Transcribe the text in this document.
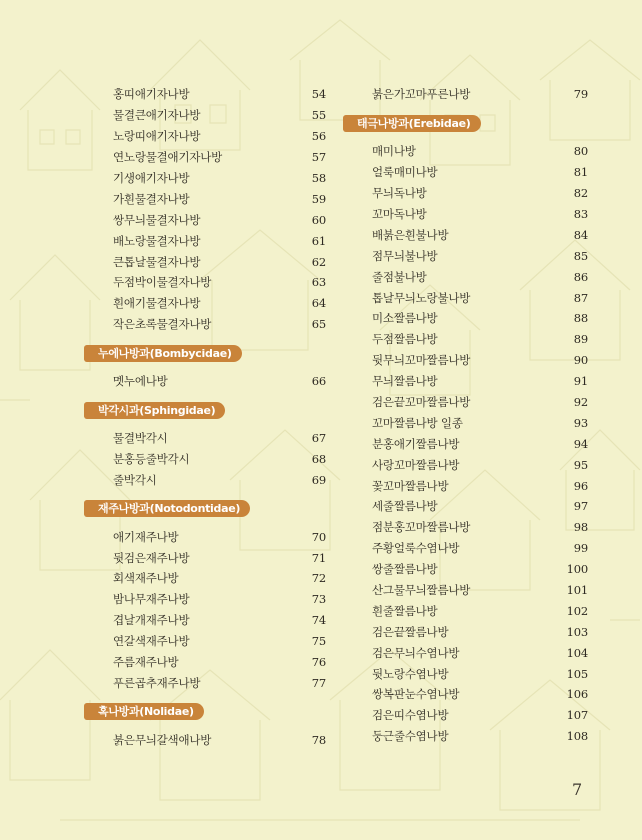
홍띠애기자나방	54
물결큰애기자나방	55
노랑띠애기자나방	56
연노랑물결애기자나방	57
기생애기자나방	58
가흰물결자나방	59
쌍무늬물결자나방	60
배노랑물결자나방	61
큰톱날물결자나방	62
두점박이물결자나방	63
흰애기물결자나방	64
작은초록물결자나방	65
누에나방과(Bombycidae)
멧누에나방	66
박각시과(Sphingidae)
물결박각시	67
분홍등줄박각시	68
줄박각시	69
재주나방과(Notodontidae)
애기재주나방	70
뒷검은재주나방	71
회색재주나방	72
밤나무재주나방	73
겹날개재주나방	74
연갈색재주나방	75
주름재주나방	76
푸른곱추재주나방	77
혹나방과(Nolidae)
붉은무늬갈색애나방	78
붉은가꼬마푸른나방	79
태극나방과(Erebidae)
매미나방	80
얼룩매미나방	81
무늬독나방	82
꼬마독나방	83
배붉은흰불나방	84
점무늬불나방	85
줄점불나방	86
톱날무늬노랑불나방	87
미소짤름나방	88
두점짤름나방	89
뒷무늬꼬마짤름나방	90
무늬짤름나방	91
검은끝꼬마짤름나방	92
꼬마짤름나방 일종	93
분홍애기짤름나방	94
사랑꼬마짤름나방	95
꽃꼬마짤름나방	96
세줄짤름나방	97
점분홍꼬마짤름나방	98
주황얼룩수염나방	99
쌍줄짤름나방	100
산그물무늬짤름나방	101
흰줄짤름나방	102
검은끝짤름나방	103
검은무늬수염나방	104
뒷노랑수염나방	105
쌍복판눈수염나방	106
검은띠수염나방	107
둥근줄수염나방	108
7
